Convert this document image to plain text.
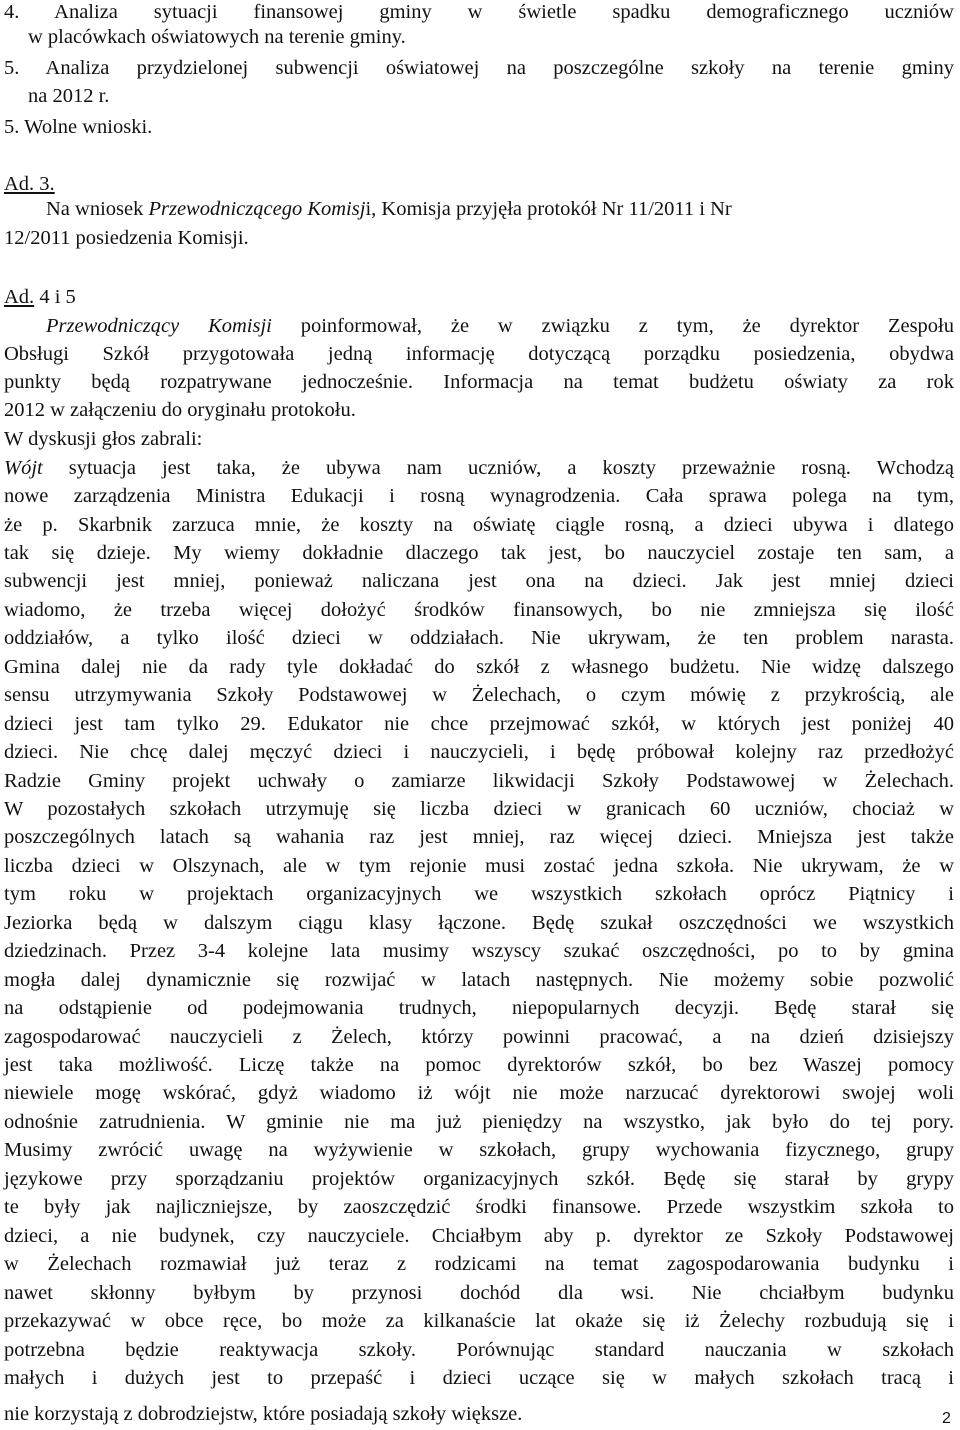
4. Analiza sytuacji finansowej gminy w świetle spadku demograficznego uczniów
w placówkach oświatowych na terenie gminy.
5. Analiza przydzielonej subwencji oświatowej na poszczególne szkoły na terenie gminy
na 2012 r.
5. Wolne wnioski.
Ad. 3.
Na wniosek Przewodniczącego Komisji, Komisja przyjęła protokół Nr 11/2011 i Nr
12/2011 posiedzenia Komisji.
Ad. 4 i 5
Przewodniczący Komisji poinformował, że w związku z tym, że dyrektor Zespołu
Obsługi Szkół przygotowała jedną informację dotyczącą porządku posiedzenia, obydwa
punkty będą rozpatrywane jednocześnie. Informacja na temat budżetu oświaty za rok
2012 w załączeniu do oryginału protokołu.
W dyskusji głos zabrali:
Wójt sytuacja jest taka, że ubywa nam uczniów, a koszty przeważnie rosną. Wchodzą
nowe zarządzenia Ministra Edukacji i rosną wynagrodzenia. Cała sprawa polega na tym,
że p. Skarbnik zarzuca mnie, że koszty na oświatę ciągle rosną, a dzieci ubywa i dlatego
tak się dzieje. My wiemy dokładnie dlaczego tak jest, bo nauczyciel zostaje ten sam, a
subwencji jest mniej, ponieważ naliczana jest ona na dzieci. Jak jest mniej dzieci
wiadomo, że trzeba więcej dołożyć środków finansowych, bo nie zmniejsza się ilość
oddziałów, a tylko ilość dzieci w oddziałach. Nie ukrywam, że ten problem narasta.
Gmina dalej nie da rady tyle dokładać do szkół z własnego budżetu. Nie widzę dalszego
sensu utrzymywania Szkoły Podstawowej w Żelechach, o czym mówię z przykrością, ale
dzieci jest tam tylko 29. Edukator nie chce przejmować szkół, w których jest poniżej 40
dzieci. Nie chcę dalej męczyć dzieci i nauczycieli, i będę próbował kolejny raz przedłożyć
Radzie Gminy projekt uchwały o zamiarze likwidacji Szkoły Podstawowej w Żelechach.
W pozostałych szkołach utrzymuję się liczba dzieci w granicach 60 uczniów, chociaż w
poszczególnych latach są wahania raz jest mniej, raz więcej dzieci. Mniejsza jest także
liczba dzieci w Olszynach, ale w tym rejonie musi zostać jedna szkoła. Nie ukrywam, że w
tym roku w projektach organizacyjnych we wszystkich szkołach oprócz Piątnicy i
Jeziorka będą w dalszym ciągu klasy łączone. Będę szukał oszczędności we wszystkich
dziedzinach. Przez 3-4 kolejne lata musimy wszyscy szukać oszczędności, po to by gmina
mogła dalej dynamicznie się rozwijać w latach następnych. Nie możemy sobie pozwolić
na odstąpienie od podejmowania trudnych, niepopularnych decyzji. Będę starał się
zagospodarować nauczycieli z Żelech, którzy powinni pracować, a na dzień dzisiejszy
jest taka możliwość. Liczę także na pomoc dyrektorów szkół, bo bez Waszej pomocy
niewiele mogę wskórać, gdyż wiadomo iż wójt nie może narzucać dyrektorowi swojej woli
odnośnie zatrudnienia. W gminie nie ma już pieniędzy na wszystko, jak było do tej pory.
Musimy zwrócić uwagę na wyżywienie w szkołach, grupy wychowania fizycznego, grupy
językowe przy sporządzaniu projektów organizacyjnych szkół. Będę się starał by grypy
te były jak najliczniejsze, by zaoszczędzić środki finansowe. Przede wszystkim szkoła to
dzieci, a nie budynek, czy nauczyciele. Chciałbym aby p. dyrektor ze Szkoły Podstawowej
w Żelechach rozmawiał już teraz z rodzicami na temat zagospodarowania budynku i
nawet skłonny byłbym by przynosi dochód dla wsi. Nie chciałbym budynku
przekazywać w obce ręce, bo może za kilkanaście lat okaże się iż Żelechy rozbudują się i
potrzebna będzie reaktywacja szkoły. Porównując standard nauczania w szkołach
małych i dużych jest to przepaść i dzieci uczące się w małych szkołach tracą i
nie korzystają z dobrodziejstw, które posiadają szkoły większe.	2
